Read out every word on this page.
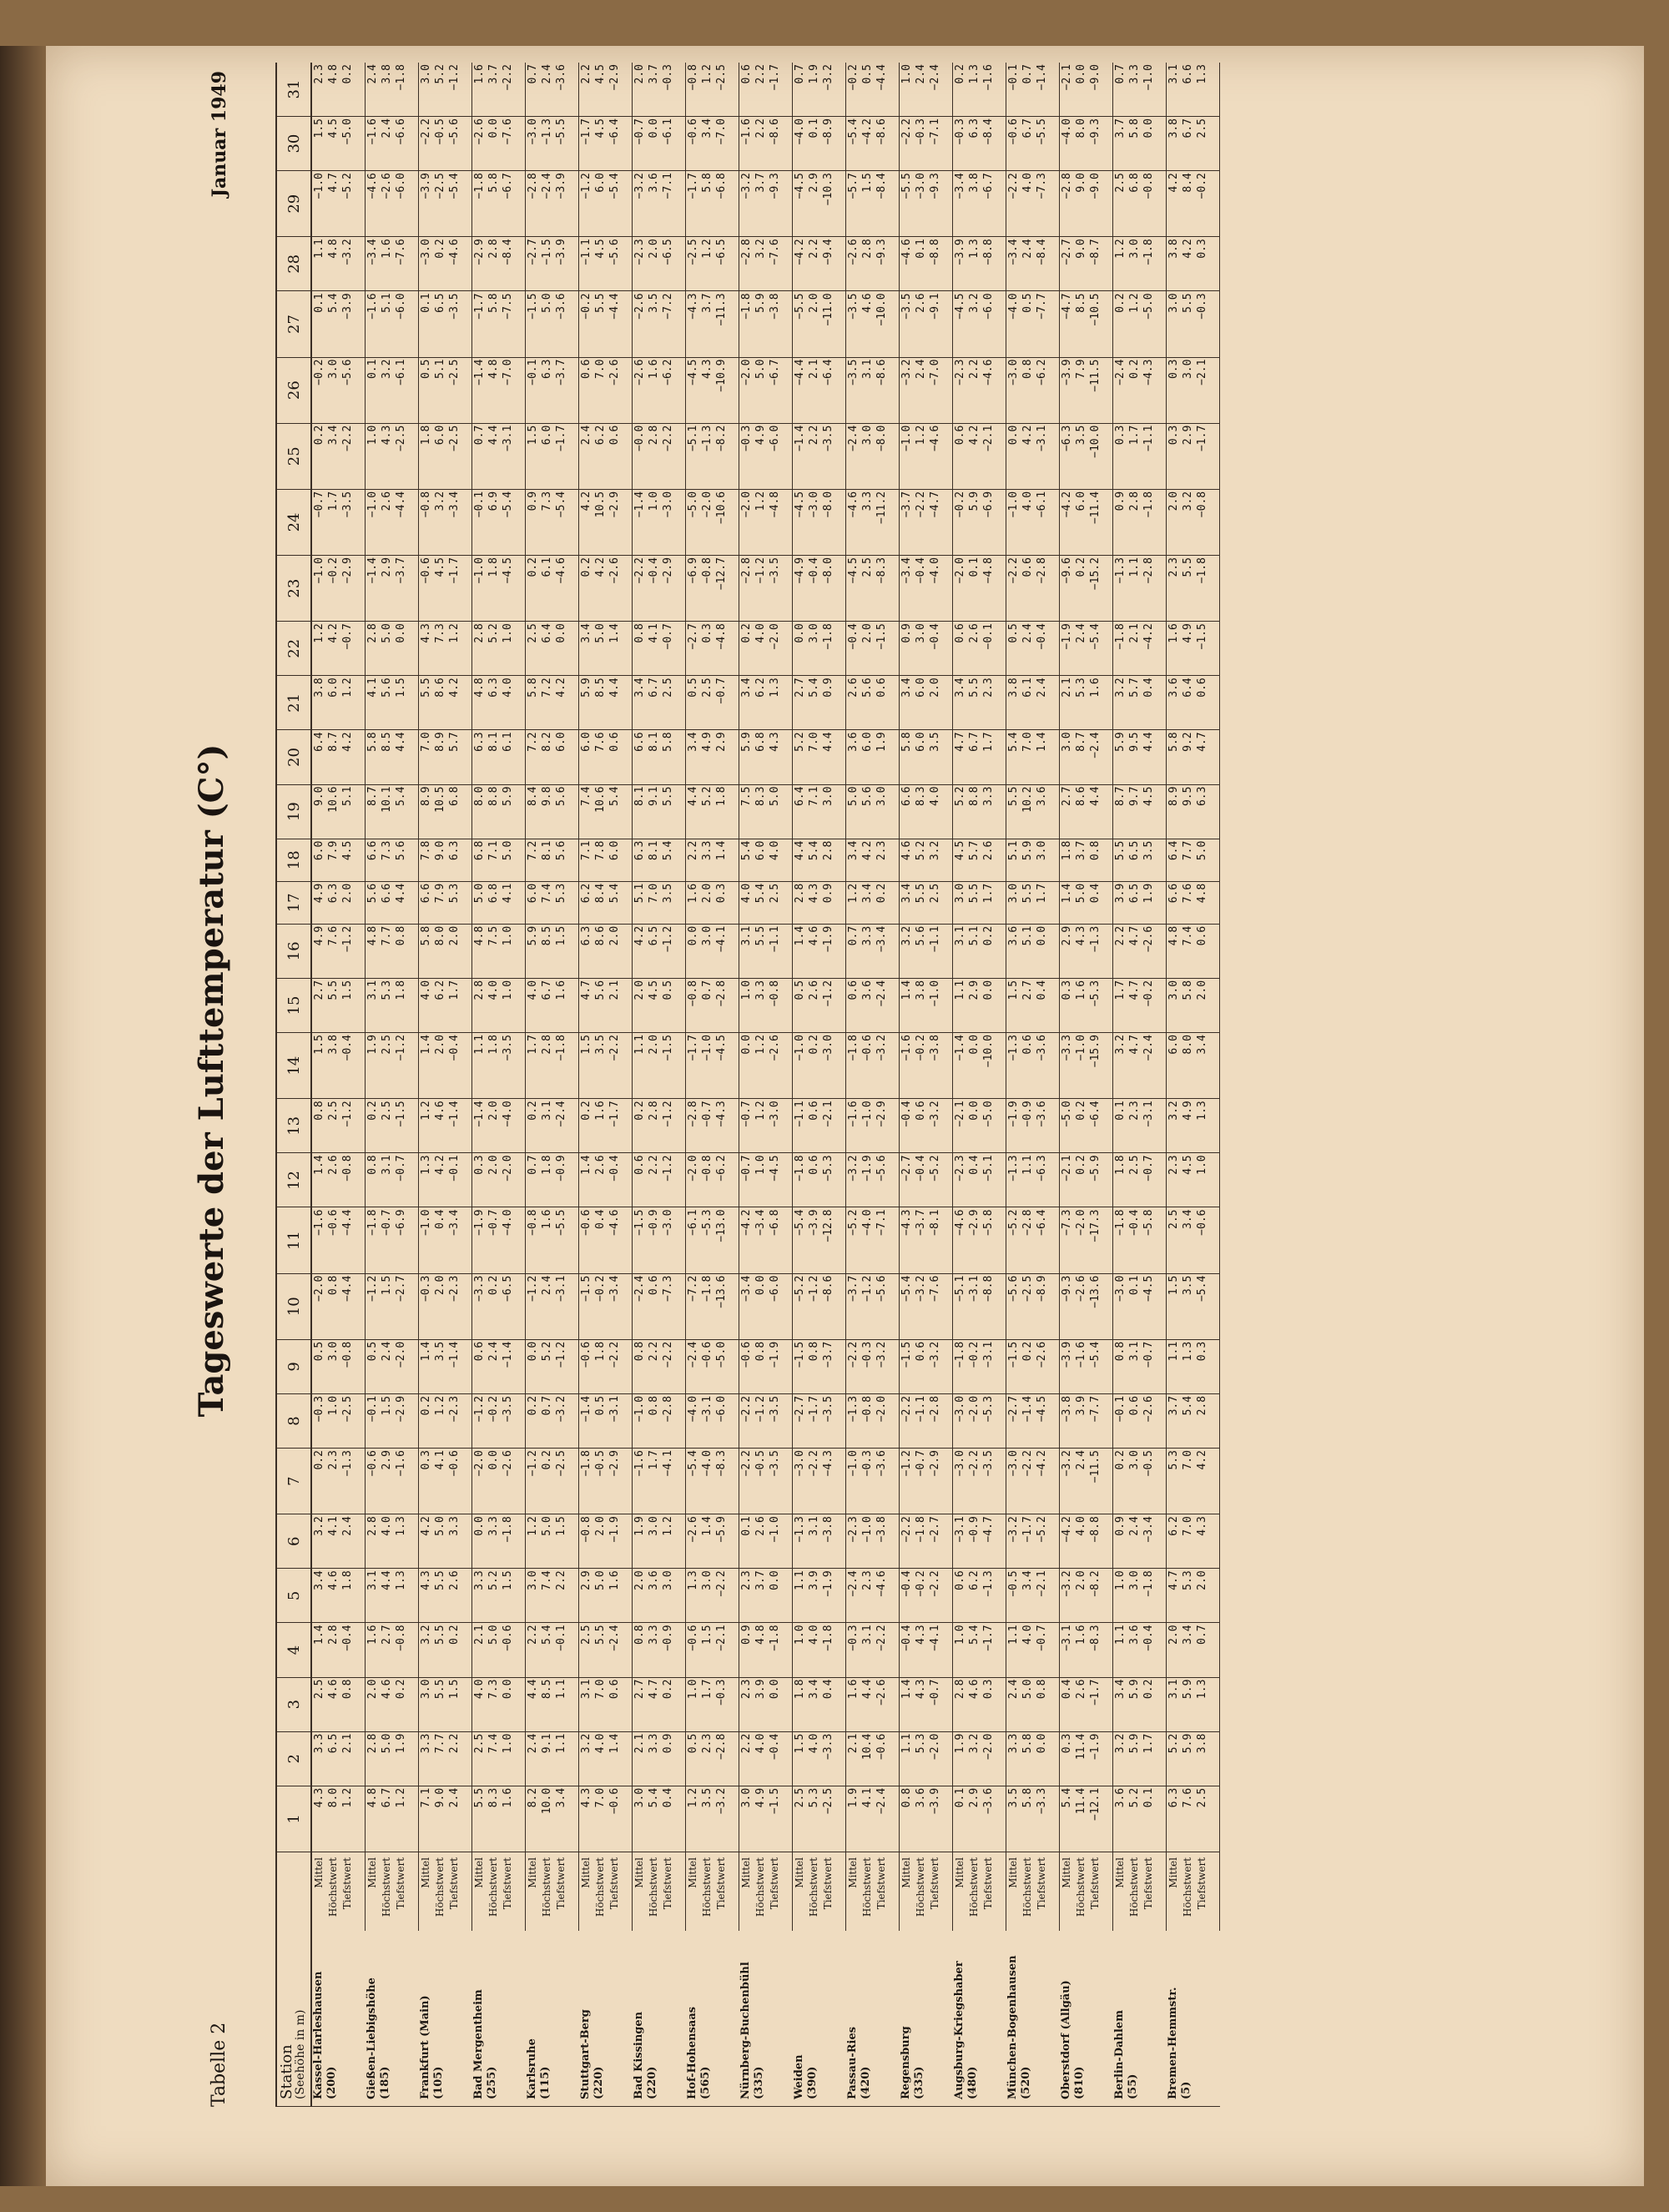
Tabelle 2
Tageswerte der Lufttemperatur (C°)
Januar 1949
Station
(Seehöhe in m)		1	2	3	4	5	6	7	8	9	10	11	12	13	14	15	16	17	18	19	20	21	22	23	24	25	26	27	28	29	30	31

Kassel-Harleshausen (200)	Mittel	4.3	3.3	2.5	1.4	3.4	3.2	0.2	−0.3	0.5	−2.0	−1.6	1.4	0.8	1.5	2.7	4.9	4.9	6.0	9.0	6.4	3.8	1.2	−1.0	−0.7	0.2	−0.2	0.1	1.1	−1.0	1.5	2.3
	Höchstwert	8.0	6.5	4.6	2.8	4.6	4.1	2.3	1.0	3.0	0.8	−0.6	2.6	2.5	3.8	5.5	7.6	6.3	7.9	10.6	8.7	6.0	4.2	−0.2	1.7	3.4	3.0	5.4	4.8	4.7	4.5	4.8
	Tiefstwert	1.2	2.1	0.8	−0.4	1.8	2.4	−1.3	−2.5	−0.8	−4.4	−4.4	−0.8	−1.2	−0.4	1.5	−1.2	2.0	4.5	5.1	4.2	1.2	−0.7	−2.9	−3.5	−2.2	−5.6	−3.9	−3.2	−5.2	−5.0	0.2

Gießen-Liebigshöhe (185)	Mittel	4.8	2.8	2.0	1.6	3.1	2.8	−0.6	−0.1	0.5	−1.2	−1.8	0.8	0.2	1.9	3.1	4.8	5.6	6.6	8.7	5.8	4.1	2.8	−1.4	−1.0	1.0	0.1	−1.6	−3.4	−4.6	−1.6	2.4
	Höchstwert	6.7	5.0	4.6	2.7	4.4	4.0	2.9	1.5	2.4	1.5	−0.7	3.1	2.5	2.5	5.3	7.7	6.6	7.3	10.1	8.5	5.6	5.0	2.9	2.6	4.3	3.2	5.1	1.6	−2.6	2.4	3.8
	Tiefstwert	1.2	1.9	0.2	−0.8	1.3	1.3	−1.6	−2.9	−2.0	−2.7	−6.9	−0.7	−1.5	−1.2	1.8	0.8	4.4	5.6	5.4	4.4	1.5	0.0	−3.7	−4.4	−2.5	−6.1	−6.0	−7.6	−6.0	−6.6	−1.8

Frankfurt (Main) (105)	Mittel	7.1	3.3	3.0	3.2	4.3	4.2	0.3	0.2	1.4	−0.3	−1.0	1.3	1.2	1.4	4.0	5.8	6.6	7.8	8.9	7.0	5.5	4.3	−0.6	−0.8	1.8	0.5	0.1	−3.0	−3.9	−2.2	3.0
	Höchstwert	9.0	7.7	5.5	5.5	5.5	5.0	4.1	1.2	3.5	2.0	0.4	4.2	4.6	2.0	6.2	8.0	7.9	9.0	10.5	8.9	8.6	7.3	4.5	3.2	6.0	5.1	6.5	0.2	−2.5	−0.5	5.2
	Tiefstwert	2.4	2.2	1.5	0.2	2.6	3.3	−0.6	−2.3	−1.4	−2.3	−3.4	−0.1	−1.4	−0.4	1.7	2.0	5.3	6.3	6.8	5.7	4.2	1.2	−1.7	−3.4	−2.5	−2.5	−3.5	−4.6	−5.4	−5.6	−1.2

Bad Mergentheim (255)	Mittel	5.5	2.5	4.0	2.1	3.3	0.0	−2.0	−1.2	0.6	−3.3	−1.9	0.3	−1.4	1.1	2.8	4.8	5.0	6.8	8.0	6.3	4.8	2.8	−1.0	−0.1	0.7	−1.4	−1.7	−2.9	−1.8	−2.6	1.6
	Höchstwert	8.3	7.4	7.3	5.0	5.2	3.3	0.0	−0.2	2.4	0.2	−0.7	2.0	2.0	1.8	4.0	7.5	6.8	7.1	8.8	8.1	6.3	5.2	1.8	6.9	4.4	4.8	5.8	2.8	5.8	0.0	3.7
	Tiefstwert	1.6	1.0	0.0	−0.6	1.5	−1.8	−2.6	−3.5	−1.4	−6.5	−4.0	−2.0	−4.0	−3.5	1.0	1.0	4.1	5.0	5.9	6.1	4.0	1.0	−4.5	−5.4	−3.1	−7.0	−7.5	−8.4	−6.7	−7.6	−2.2

Karlsruhe (115)	Mittel	8.2	2.4	4.4	2.2	3.0	1.2	−1.2	0.2	0.0	−1.2	−0.8	0.7	0.2	1.7	4.0	5.9	6.0	7.2	8.4	7.2	5.8	2.5	0.2	0.9	1.5	−0.1	−1.5	−2.7	−2.8	−3.0	0.7
	Höchstwert	10.0	9.1	8.5	5.4	7.4	5.0	0.2	0.7	5.2	2.4	1.6	1.8	3.1	2.8	6.7	8.5	7.4	8.1	9.8	8.2	7.2	6.4	6.1	7.3	6.0	6.3	5.0	−1.5	−2.4	−1.3	2.4
	Tiefstwert	3.4	1.1	1.1	−0.1	2.2	1.5	−2.5	−3.2	−1.2	−3.1	−5.5	−0.9	−2.4	−1.8	1.6	1.5	5.3	5.6	5.6	6.0	4.2	0.0	−4.6	−5.4	−1.7	−3.7	−3.6	−3.9	−3.9	−5.5	−3.6

Stuttgart-Berg (220)	Mittel	4.3	3.2	3.1	2.5	2.9	−0.8	−1.8	−1.4	−0.6	−1.5	−0.6	1.4	0.2	1.5	4.7	6.3	6.2	7.1	7.4	6.0	5.9	3.4	0.2	4.2	2.4	0.6	−0.2	−1.1	−1.2	−1.7	2.2
	Höchstwert	7.0	4.0	7.0	5.5	5.0	2.0	−0.5	0.5	1.8	−0.2	0.4	2.6	1.6	3.5	5.6	8.6	8.4	7.8	10.6	7.6	8.5	5.0	4.2	10.5	6.2	7.0	5.5	4.5	6.0	4.5	4.5
	Tiefstwert	−0.6	1.4	0.6	−2.4	1.6	−1.9	−2.9	−3.1	−2.2	−3.4	−4.6	−0.4	−1.7	−2.2	2.1	2.0	5.4	6.0	5.4	0.6	4.4	1.4	−2.6	−2.9	0.6	−2.6	−4.4	−5.6	−5.4	−6.4	−2.9

Bad Kissingen (220)	Mittel	3.0	2.1	2.7	0.8	2.0	1.9	−1.6	−1.0	0.8	−2.4	−1.5	0.6	0.2	1.1	2.0	4.2	5.1	6.3	8.1	6.6	3.4	0.8	−2.2	−1.4	−0.0	−2.6	−2.6	−2.3	−3.2	−0.7	2.0
	Höchstwert	5.4	3.3	4.7	3.3	3.6	3.0	1.7	0.8	2.2	0.6	−0.9	2.2	2.8	2.0	4.5	6.5	7.0	8.1	9.1	8.1	6.7	4.1	−0.4	1.0	2.8	1.6	3.5	2.0	3.6	0.0	3.7
	Tiefstwert	0.4	0.9	0.2	−0.9	3.0	1.2	−4.1	−2.8	−2.2	−7.3	−3.0	−1.2	−1.2	−1.5	0.5	−1.2	3.5	5.4	5.5	5.8	2.5	−0.7	−2.9	−3.0	−2.2	−6.2	−7.2	−6.5	−7.1	−6.1	−0.3

Hof-Hohensaas (565)	Mittel	1.2	0.5	1.0	−0.6	1.3	−2.6	−5.4	−4.0	−2.4	−7.2	−6.1	−2.0	−2.8	−1.7	−0.8	0.0	1.6	2.2	4.4	3.4	0.5	−2.7	−6.9	−5.0	−5.1	−4.5	−4.3	−2.5	−1.7	−0.6	−0.8
	Höchstwert	3.5	2.3	1.7	1.5	3.0	1.4	−4.0	−3.1	−0.6	−1.8	−5.3	−0.8	−0.7	−1.0	0.7	3.0	2.0	3.3	5.2	4.9	2.5	0.3	−0.8	−2.0	−1.3	4.3	3.7	1.2	5.8	3.4	1.2
	Tiefstwert	−3.2	−2.8	−0.3	−2.1	−2.2	−5.9	−8.3	−6.0	−5.0	−13.6	−13.0	−6.2	−4.3	−4.5	−2.8	−4.1	0.3	1.4	1.8	2.9	−0.7	−4.8	−12.7	−10.6	−8.2	−10.9	−11.3	−6.5	−6.8	−7.0	−2.5

Nürnberg-Buchenbühl (335)	Mittel	3.0	2.2	2.3	0.9	2.3	0.1	−2.2	−2.2	−0.6	−3.4	−4.2	−0.7	−0.7	0.0	1.0	3.1	4.0	5.4	7.5	5.9	3.4	0.2	−2.8	−2.0	−0.3	−2.0	−1.8	−2.8	−3.2	−1.6	0.6
	Höchstwert	4.9	4.0	3.9	4.8	3.7	2.6	−0.5	−1.2	0.8	0.0	−3.4	1.0	1.2	1.2	3.3	5.5	5.4	6.0	8.3	6.8	6.2	4.0	−1.2	1.2	4.9	5.0	5.9	3.2	3.7	2.2	2.2
	Tiefstwert	−1.5	−0.4	0.0	−1.8	0.0	−1.0	−3.5	−3.5	−1.9	−6.0	−6.8	−4.5	−3.0	−2.6	−0.8	−1.1	2.5	4.0	5.0	4.3	1.3	−2.0	−3.5	−4.8	−6.0	−6.7	−3.8	−7.6	−9.3	−8.6	−1.7

Weiden (390)	Mittel	2.5	1.5	1.8	1.0	1.1	−1.3	−3.0	−2.7	−1.5	−5.2	−5.4	−1.8	−1.1	−1.0	0.5	1.4	2.8	4.4	6.4	5.2	2.7	0.0	−4.9	−4.5	−1.4	−4.4	−5.5	−4.2	−4.5	−4.0	0.7
	Höchstwert	5.3	4.0	3.4	4.0	3.9	3.1	−2.2	−1.7	0.8	−1.2	−3.9	0.6	0.6	0.2	2.6	4.6	4.3	5.4	7.1	7.0	5.4	3.0	−0.4	−3.0	2.2	2.1	2.0	2.2	2.9	0.1	1.9
	Tiefstwert	−2.5	−3.3	0.4	−1.8	−1.9	−3.8	−4.3	−3.5	−3.7	−8.6	−12.8	−5.3	−2.1	−3.0	−1.2	−1.9	0.9	2.8	3.0	4.4	0.9	−1.8	−8.0	−8.0	−3.5	−6.4	−11.0	−9.4	−10.3	−8.9	−3.2

Passau-Ries (420)	Mittel	1.9	2.1	1.6	−0.3	−2.4	−2.3	−1.0	−1.3	−2.2	−3.7	−5.2	−3.2	−1.6	−1.8	0.6	0.7	1.2	3.4	5.0	3.6	2.6	−0.4	−4.5	−4.6	−2.4	−3.5	−3.5	−2.6	−5.7	−5.4	−0.2
	Höchstwert	4.1	10.4	4.4	3.1	2.3	−1.0	−0.3	−0.8	−0.3	−1.2	−4.0	−1.9	−1.0	−0.6	3.6	3.3	3.4	4.2	5.6	6.0	5.6	2.0	2.5	3.3	3.0	3.1	4.6	2.8	1.5	−4.2	0.5
	Tiefstwert	−2.4	−0.6	−2.6	−2.2	−4.6	−3.8	−3.6	−2.0	−3.2	−5.6	−7.1	−5.6	−2.9	−3.2	−2.4	−3.4	0.2	2.3	3.0	1.9	0.6	−1.5	−8.3	−11.2	−8.0	−8.6	−10.0	−9.3	−8.4	−8.6	−4.4

Regensburg (335)	Mittel	0.8	1.1	1.4	−0.4	−0.4	−2.2	−1.2	−2.2	−1.5	−5.4	−4.3	−2.7	−0.4	−1.6	1.4	3.2	3.4	4.6	6.6	5.8	3.4	0.9	−3.4	−3.7	−1.0	−3.2	−3.5	−4.6	−5.5	−2.2	1.0
	Höchstwert	3.6	5.3	4.3	4.3	−0.2	−1.8	−0.7	−1.1	0.6	−3.2	−3.7	−0.4	0.6	−0.2	3.8	5.6	5.5	5.2	8.3	6.0	6.0	3.0	−0.4	−2.2	1.2	2.4	2.6	0.1	−3.0	−0.3	2.4
	Tiefstwert	−3.9	−2.0	−0.7	−4.1	−2.2	−2.7	−2.9	−2.8	−3.2	−7.6	−8.1	−5.2	−3.2	−3.8	−1.0	−1.1	2.5	3.2	4.0	3.5	2.0	−0.4	−4.0	−4.7	−4.6	−7.0	−9.1	−8.8	−9.3	−7.1	−2.4

Augsburg-Kriegshaber (480)	Mittel	0.1	1.9	2.8	1.0	0.6	−3.1	−3.0	−3.0	−1.8	−5.1	−4.6	−2.3	−2.1	−1.4	1.1	3.1	3.0	4.5	5.2	4.7	3.4	0.6	−2.0	−0.2	0.6	−2.3	−4.5	−3.9	−3.4	−0.3	0.2
	Höchstwert	2.9	3.2	4.6	5.4	6.2	−0.9	−2.2	−2.0	−0.2	−3.1	−2.9	0.4	0.0	0.0	2.9	5.1	5.5	5.7	8.8	6.7	5.5	2.6	0.1	5.9	4.2	2.2	3.2	1.3	3.8	6.3	1.3
	Tiefstwert	−3.6	−2.0	0.3	−1.7	−1.3	−4.7	−3.5	−5.3	−3.1	−8.8	−5.8	−5.1	−5.0	−10.0	0.0	0.2	1.7	2.6	3.3	1.7	2.3	−0.1	−4.8	−6.9	−2.1	−4.6	−6.0	−8.8	−6.7	−8.4	−1.6

München-Bogenhausen (520)	Mittel	3.5	3.3	2.4	1.1	−0.5	−3.2	−3.0	−2.7	−1.5	−5.6	−5.2	−1.3	−1.9	−1.3	1.5	3.6	3.0	5.1	5.5	5.4	3.8	0.5	−2.2	−1.0	0.0	−3.0	−4.0	−3.4	−2.2	−0.6	−0.1
	Höchstwert	5.8	5.8	5.0	4.0	3.4	−1.7	−2.2	−1.4	0.2	−2.5	−2.8	1.1	−0.9	0.6	2.7	5.1	5.5	5.9	10.2	7.0	6.1	2.4	0.6	4.0	4.2	0.8	0.5	2.4	4.0	6.7	0.7
	Tiefstwert	−3.3	0.0	0.8	−0.7	−2.1	−5.2	−4.2	−4.5	−2.6	−8.9	−6.4	−6.3	−3.6	−3.6	0.4	0.0	1.7	3.0	3.6	1.4	2.4	−0.4	−2.8	−6.1	−3.1	−6.2	−7.7	−8.4	−7.3	−5.5	−1.4

Oberstdorf (Allgäu) (810)	Mittel	5.4	0.3	0.4	−3.1	−3.2	−4.2	−3.2	−3.8	−3.9	−9.3	−7.3	−2.1	−5.0	−3.3	0.3	2.9	1.4	1.8	2.7	3.0	2.1	−1.9	−9.6	−4.2	−6.3	−3.9	−4.7	−2.7	−2.8	−4.0	−2.1
	Höchstwert	11.4	11.4	2.6	1.6	2.0	4.0	2.4	3.9	−1.6	−2.6	−2.0	0.2	0.2	−1.0	1.6	4.3	5.0	3.7	8.6	8.7	5.3	2.4	0.2	6.0	3.5	7.9	8.5	9.0	9.0	8.0	0.0
	Tiefstwert	−12.1	−1.9	−1.7	−8.3	−8.2	−8.8	−11.5	−7.7	−5.4	−13.6	−17.3	−5.9	−6.4	−15.9	−5.3	−1.3	0.4	0.8	4.4	−2.4	1.6	−5.4	−15.2	−11.4	−10.0	−11.5	−10.5	−8.7	−9.0	−9.3	−9.0

Berlin-Dahlem (55)	Mittel	3.6	3.2	3.4	1.1	1.0	0.9	0.2	−0.1	0.8	−3.0	−1.8	1.8	0.1	3.2	1.7	2.2	3.9	5.5	8.7	5.9	3.2	−1.8	−1.3	0.9	0.3	−2.4	0.2	1.2	2.5	3.7	0.7
	Höchstwert	5.2	5.9	5.9	3.6	3.0	2.4	3.0	0.6	3.1	0.1	−0.4	2.5	2.3	4.7	4.7	4.7	6.5	6.5	9.7	9.5	5.7	2.1	1.1	2.8	1.7	0.2	1.2	3.0	6.8	5.8	3.3
	Tiefstwert	0.1	1.7	0.2	−0.4	−1.8	−3.4	−0.5	−2.6	−0.7	−4.5	−5.8	−0.7	−3.1	−2.4	−0.2	−2.6	1.9	3.5	4.5	4.4	0.4	−4.2	−2.8	−1.8	−1.1	−4.3	−5.0	−1.8	−0.8	0.0	−1.0

Bremen-Hemmstr. (5)	Mittel	6.3	5.2	3.1	2.0	4.7	6.2	5.3	3.7	1.1	1.5	2.5	2.3	3.2	6.0	3.0	4.8	6.6	6.4	8.9	5.8	3.6	1.6	2.3	2.0	0.3	0.3	3.0	3.8	4.2	3.8	3.1
	Höchstwert	7.6	5.9	5.9	3.4	5.3	7.0	7.0	5.4	1.3	3.5	3.4	4.5	4.9	8.0	5.8	7.4	7.6	7.7	9.5	9.2	6.4	4.9	5.5	3.2	2.9	3.0	5.5	4.2	8.4	6.7	6.6
	Tiefstwert	2.5	3.8	1.3	0.7	2.0	4.3	4.2	2.8	0.3	−5.4	−0.6	1.0	1.3	3.4	2.0	0.6	4.8	5.0	6.3	4.7	0.6	−1.5	−1.8	−0.8	−1.7	−2.1	−0.3	0.3	−0.2	2.5	1.3
